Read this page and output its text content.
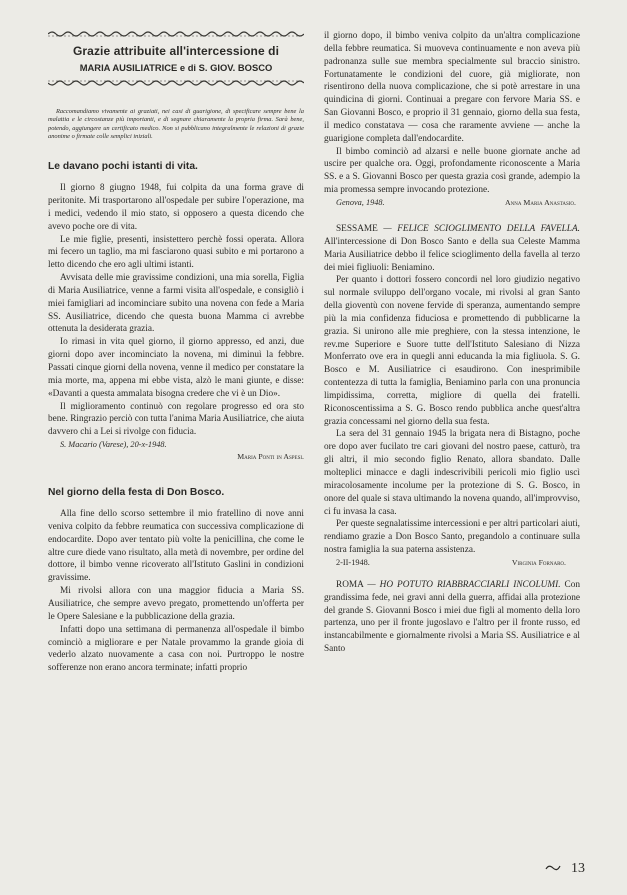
Grazie attribuite all'intercessione di
MARIA AUSILIATRICE e di S. GIOV. BOSCO

Raccomandiamo vivamente ai graziati, nei casi di guarigione, di specificare sempre bene la malattia e le circostanze più importanti, e di segnare chiaramente la propria firma. Sarà bene, potendo, aggiungere un certificato medico. Non si pubblicano integralmente le relazioni di grazie anonime o firmate colle semplici iniziali.

Le davano pochi istanti di vita.

Il giorno 8 giugno 1948, fui colpita da una forma grave di peritonite. Mi trasportarono all'ospedale per subire l'operazione, ma i medici, vedendo il mio stato, si opposero a questa dicendo che avevo poche ore di vita.

Le mie figlie, presenti, insistettero perchè fossi operata. Allora mi fecero un taglio, ma mi fasciarono quasi subito e mi portarono a letto dicendo che ero agli ultimi istanti.

Avvisata delle mie gravissime condizioni, una mia sorella, Figlia di Maria Ausiliatrice, venne a farmi visita all'ospedale, e consigliò i miei famigliari ad incominciare subito una novena con fede a Maria SS. Ausiliatrice, dicendo che questa buona Mamma ci avrebbe ottenuta la desiderata grazia.

Io rimasi in vita quel giorno, il giorno appresso, ed anzi, due giorni dopo aver incominciato la novena, mi diminuì la febbre. Passati cinque giorni della novena, venne il medico per constatare la mia morte, ma, appena mi ebbe vista, alzò le mani giunte, e disse: «Davanti a questa ammalata bisogna credere che vi è un Dio».

Il miglioramento continuò con regolare progresso ed ora sto bene. Ringrazio perciò con tutta l'anima Maria Ausiliatrice, che aiuta davvero chi a Lei si rivolge con fiducia.

S. Macario (Varese), 20-x-1948.
Maria Ponti in Aspesi.
Nel giorno della festa di Don Bosco.

Alla fine dello scorso settembre il mio fratellino di nove anni veniva colpito da febbre reumatica con successiva complicazione di endocardite. Dopo aver tentato più volte la penicillina, che come le altre cure diede vano risultato, alla metà di novembre, per ordine del dottore, il bimbo venne ricoverato all'Istituto Gaslini in condizioni gravissime.

Mi rivolsi allora con una maggior fiducia a Maria SS. Ausiliatrice, che sempre avevo pregato, promettendo un'offerta per le Opere Salesiane e la pubblicazione della grazia.

Infatti dopo una settimana di permanenza all'ospedale il bimbo cominciò a migliorare e per Natale provammo la grande gioia di vederlo alzato nuovamente a casa con noi. Purtroppo le nostre sofferenze non erano ancora terminate; infatti proprio

il giorno dopo, il bimbo veniva colpito da un'altra complicazione della febbre reumatica. Si muoveva continuamente e non aveva più padronanza sulle sue membra specialmente sul braccio sinistro. Fortunatamente le condizioni del cuore, già migliorate, non risentirono della nuova complicazione, che si potè arrestare in una quindicina di giorni. Continuai a pregare con fervore Maria SS. e San Giovanni Bosco, e proprio il 31 gennaio, giorno della sua festa, il medico constatava — cosa che raramente avviene — anche la guarigione completa dall'endocardite.

Il bimbo cominciò ad alzarsi e nelle buone giornate anche ad uscire per qualche ora. Oggi, profondamente riconoscente a Maria SS. e a S. Giovanni Bosco per questa grazia così grande, adempio la mia promessa sempre invocando protezione.

Genova, 1948.	Anna Maria Anastasio.

SESSAME — FELICE SCIOGLIMENTO DELLA FAVELLA. All'intercessione di Don Bosco Santo e della sua Celeste Mamma Maria Ausiliatrice debbo il felice scioglimento della favella al terzo dei miei figliuoli: Beniamino.

Per quanto i dottori fossero concordi nel loro giudizio negativo sul normale sviluppo dell'organo vocale, mi rivolsi al gran Santo della gioventù con novene fervide di speranza, aumentando sempre più la mia confidenza fiduciosa e promettendo di pubblicarne la grazia. Si unirono alle mie preghiere, con la stessa intenzione, le rev.me Superiore e Suore tutte dell'Istituto Salesiano di Nizza Monferrato ove era in quegli anni educanda la mia figliuola. S. G. Bosco e M. Ausiliatrice ci esaudirono. Con inesprimibile contentezza di tutta la famiglia, Beniamino parla con una pronuncia limpidissima, corretta, migliore di quella dei fratelli. Riconoscentissima a S. G. Bosco rendo pubblica anche quest'altra grazia concessami nel giorno della sua festa.

La sera del 31 gennaio 1945 la brigata nera di Bistagno, poche ore dopo aver fucilato tre cari giovani del nostro paese, catturò, tra gli altri, il mio secondo figlio Renato, allora sbandato. Dalle molteplici minacce e dagli indescrivibili pericoli mio figlio uscì miracolosamente incolume per la protezione di S. G. Bosco, in onore del quale si stava ultimando la novena quando, all'improvviso, ci fu invasa la casa.

Per queste segnalatissime intercessioni e per altri particolari aiuti, rendiamo grazie a Don Bosco Santo, pregandolo a continuare sulla nostra famiglia la sua paterna assistenza.

2-II-1948.	Virginia Fornaro.

ROMA — HO POTUTO RIABBRACCIARLI INCOLUMI. Con grandissima fede, nei gravi anni della guerra, affidai alla protezione del grande S. Giovanni Bosco i miei due figli al momento della loro partenza, uno per il fronte jugoslavo e l'altro per il fronte russo, ed instancabilmente e giornalmente rivolsi a Maria SS. Ausiliatrice e al Santo

13
